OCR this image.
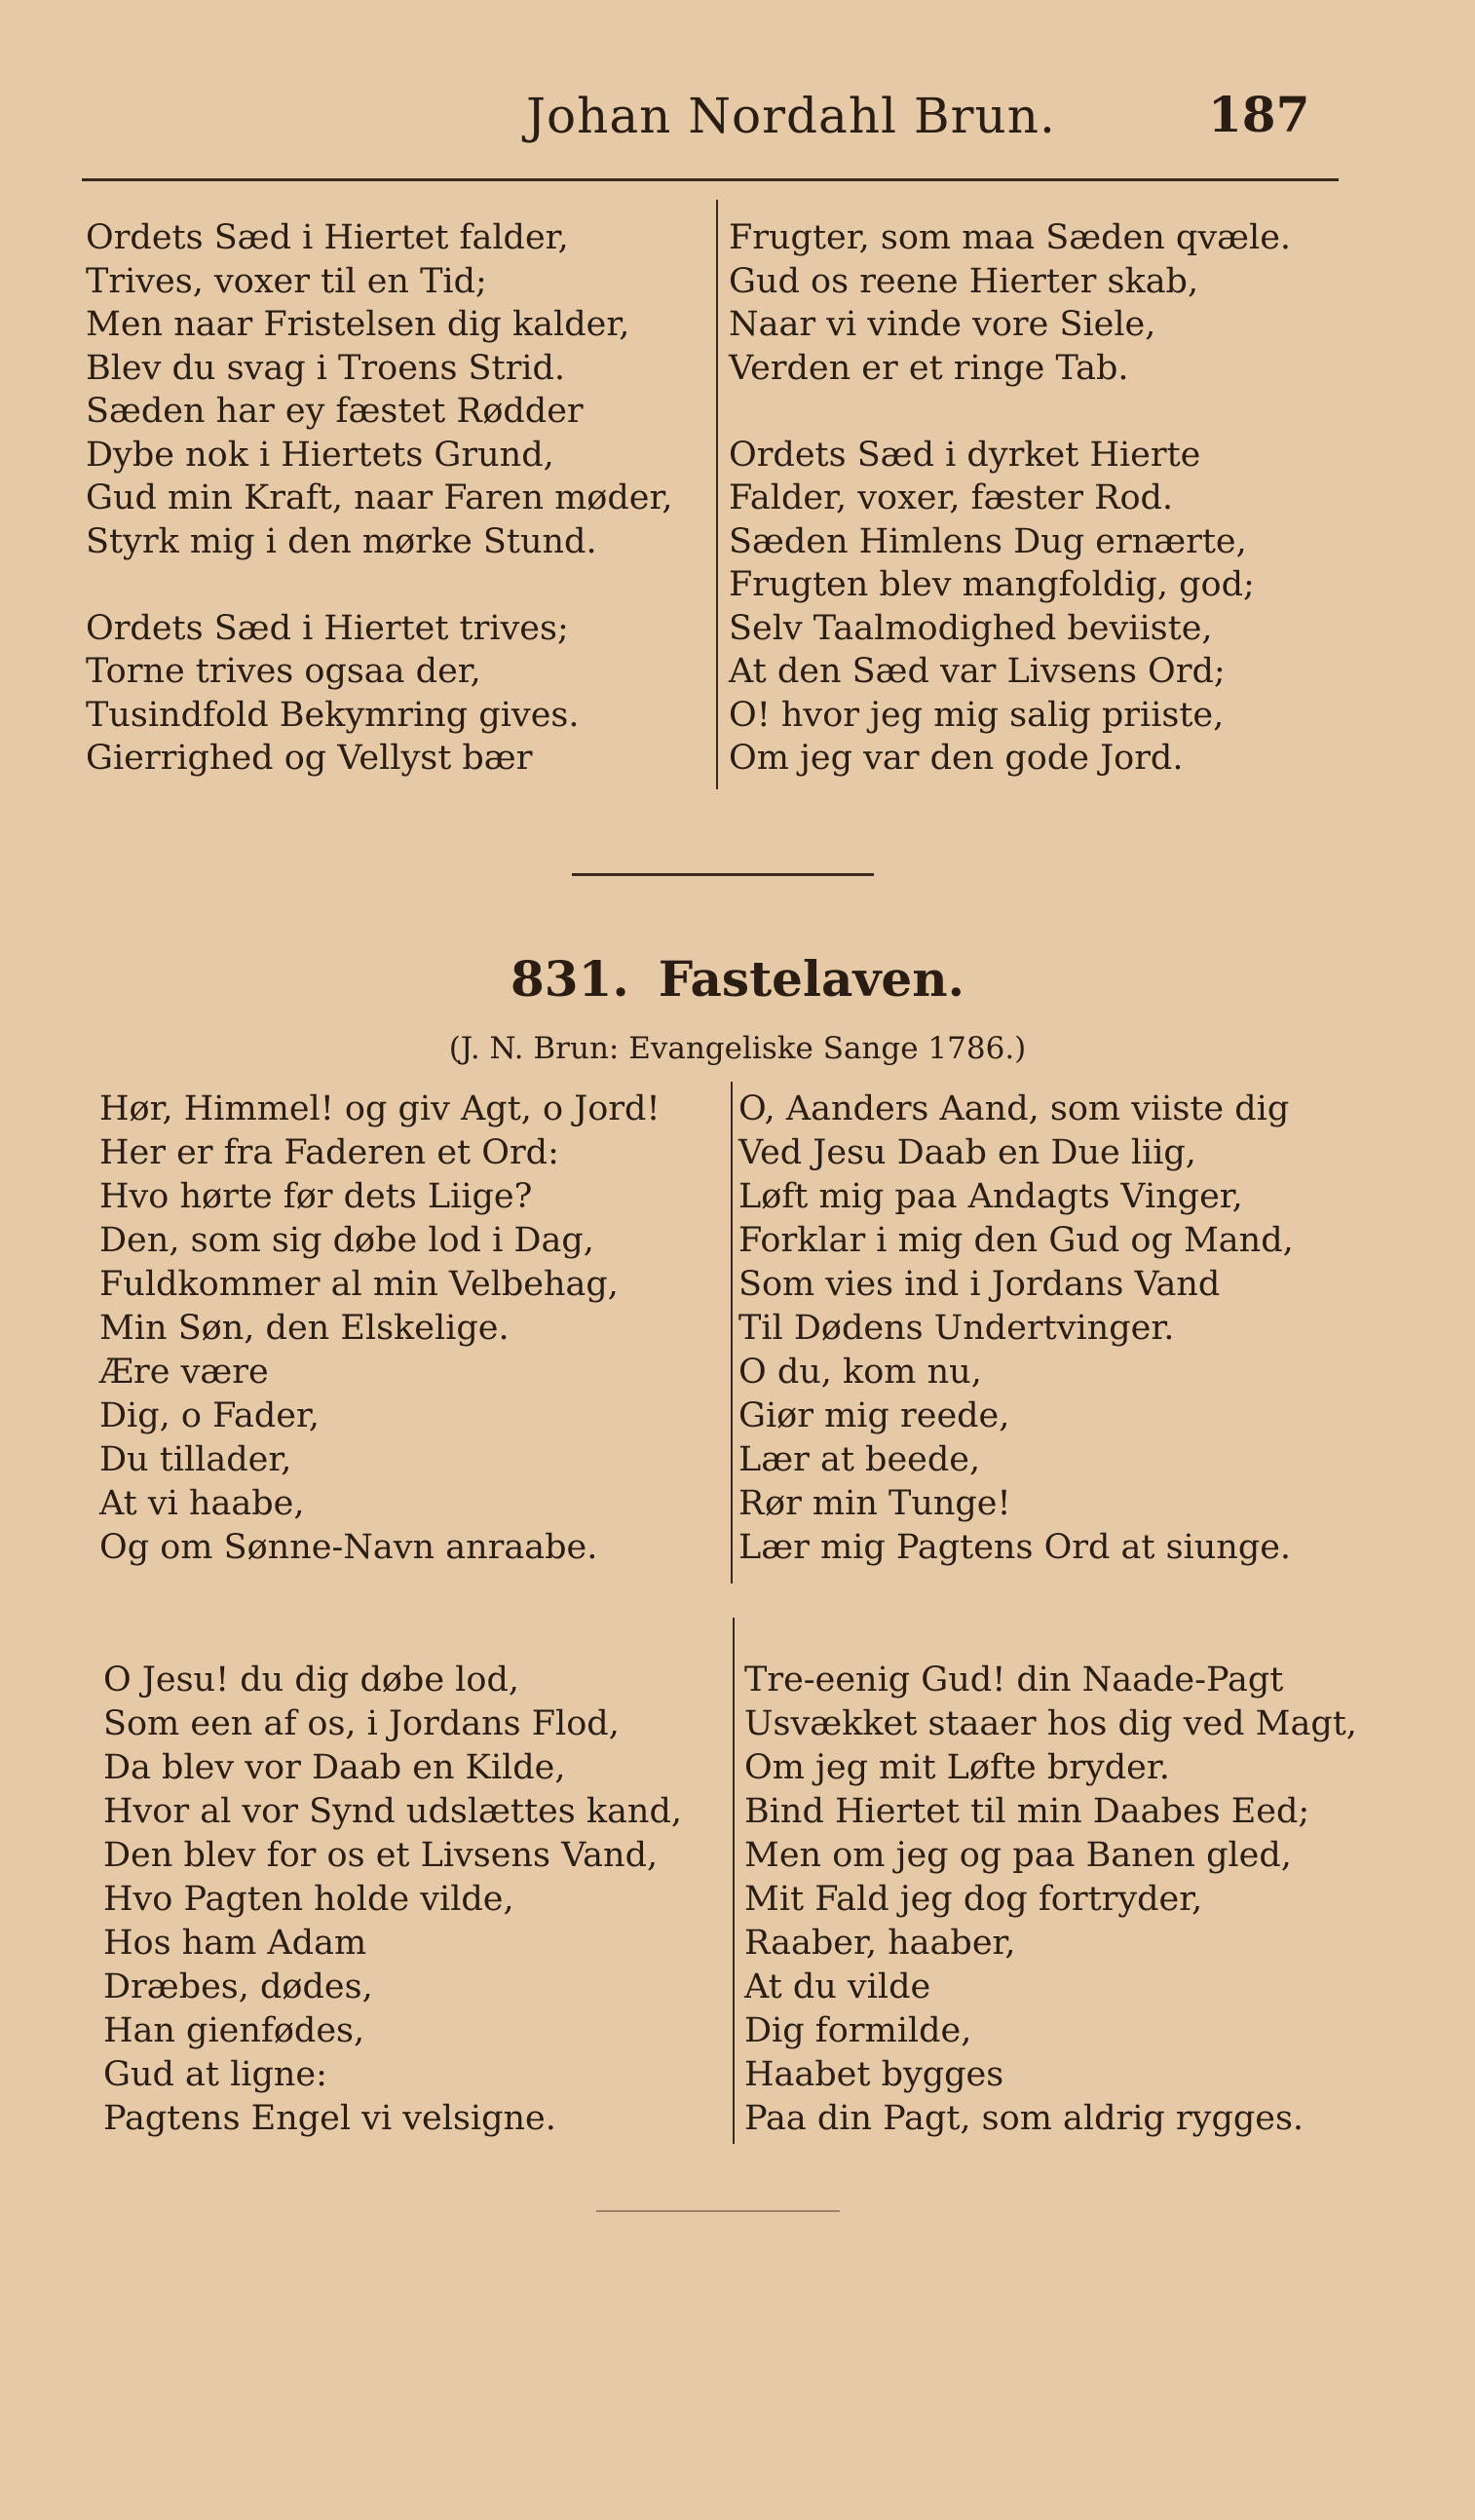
Johan Nordahl Brun.	187
Ordets Sæd i Hiertet falder,
Trives, voxer til en Tid;
Men naar Fristelsen dig kalder,
Blev du svag i Troens Strid.
Sæden har ey fæstet Rødder
Dybe nok i Hiertets Grund,
Gud min Kraft, naar Faren møder,
Styrk mig i den mørke Stund.

Ordets Sæd i Hiertet trives;
Torne trives ogsaa der,
Tusindfold Bekymring gives.
Gierrighed og Vellyst bær
Frugter, som maa Sæden qvæle.
Gud os reene Hierter skab,
Naar vi vinde vore Siele,
Verden er et ringe Tab.

Ordets Sæd i dyrket Hierte
Falder, voxer, fæster Rod.
Sæden Himlens Dug ernærte,
Frugten blev mangfoldig, god;
Selv Taalmodighed beviiste,
At den Sæd var Livsens Ord;
O! hvor jeg mig salig priiste,
Om jeg var den gode Jord.
831. Fastelaven.
(J. N. Brun: Evangeliske Sange 1786.)
Hør, Himmel! og giv Agt, o Jord!
Her er fra Faderen et Ord:
Hvo hørte før dets Liige?
Den, som sig døbe lod i Dag,
Fuldkommer al min Velbehag,
Min Søn, den Elskelige.
Ære være
Dig, o Fader,
Du tillader,
At vi haabe,
Og om Sønne-Navn anraabe.
O, Aanders Aand, som viiste dig
Ved Jesu Daab en Due liig,
Løft mig paa Andagts Vinger,
Forklar i mig den Gud og Mand,
Som vies ind i Jordans Vand
Til Dødens Undertvinger.
O du, kom nu,
Giør mig reede,
Lær at beede,
Rør min Tunge!
Lær mig Pagtens Ord at siunge.
O Jesu! du dig døbe lod,
Som een af os, i Jordans Flod,
Da blev vor Daab en Kilde,
Hvor al vor Synd udslættes kand,
Den blev for os et Livsens Vand,
Hvo Pagten holde vilde,
Hos ham Adam
Dræbes, dødes,
Han gienfødes,
Gud at ligne:
Pagtens Engel vi velsigne.
Tre-eenig Gud! din Naade-Pagt
Usvækket staaer hos dig ved Magt,
Om jeg mit Løfte bryder.
Bind Hiertet til min Daabes Eed;
Men om jeg og paa Banen gled,
Mit Fald jeg dog fortryder,
Raaber, haaber,
At du vilde
Dig formilde,
Haabet bygges
Paa din Pagt, som aldrig rygges.
